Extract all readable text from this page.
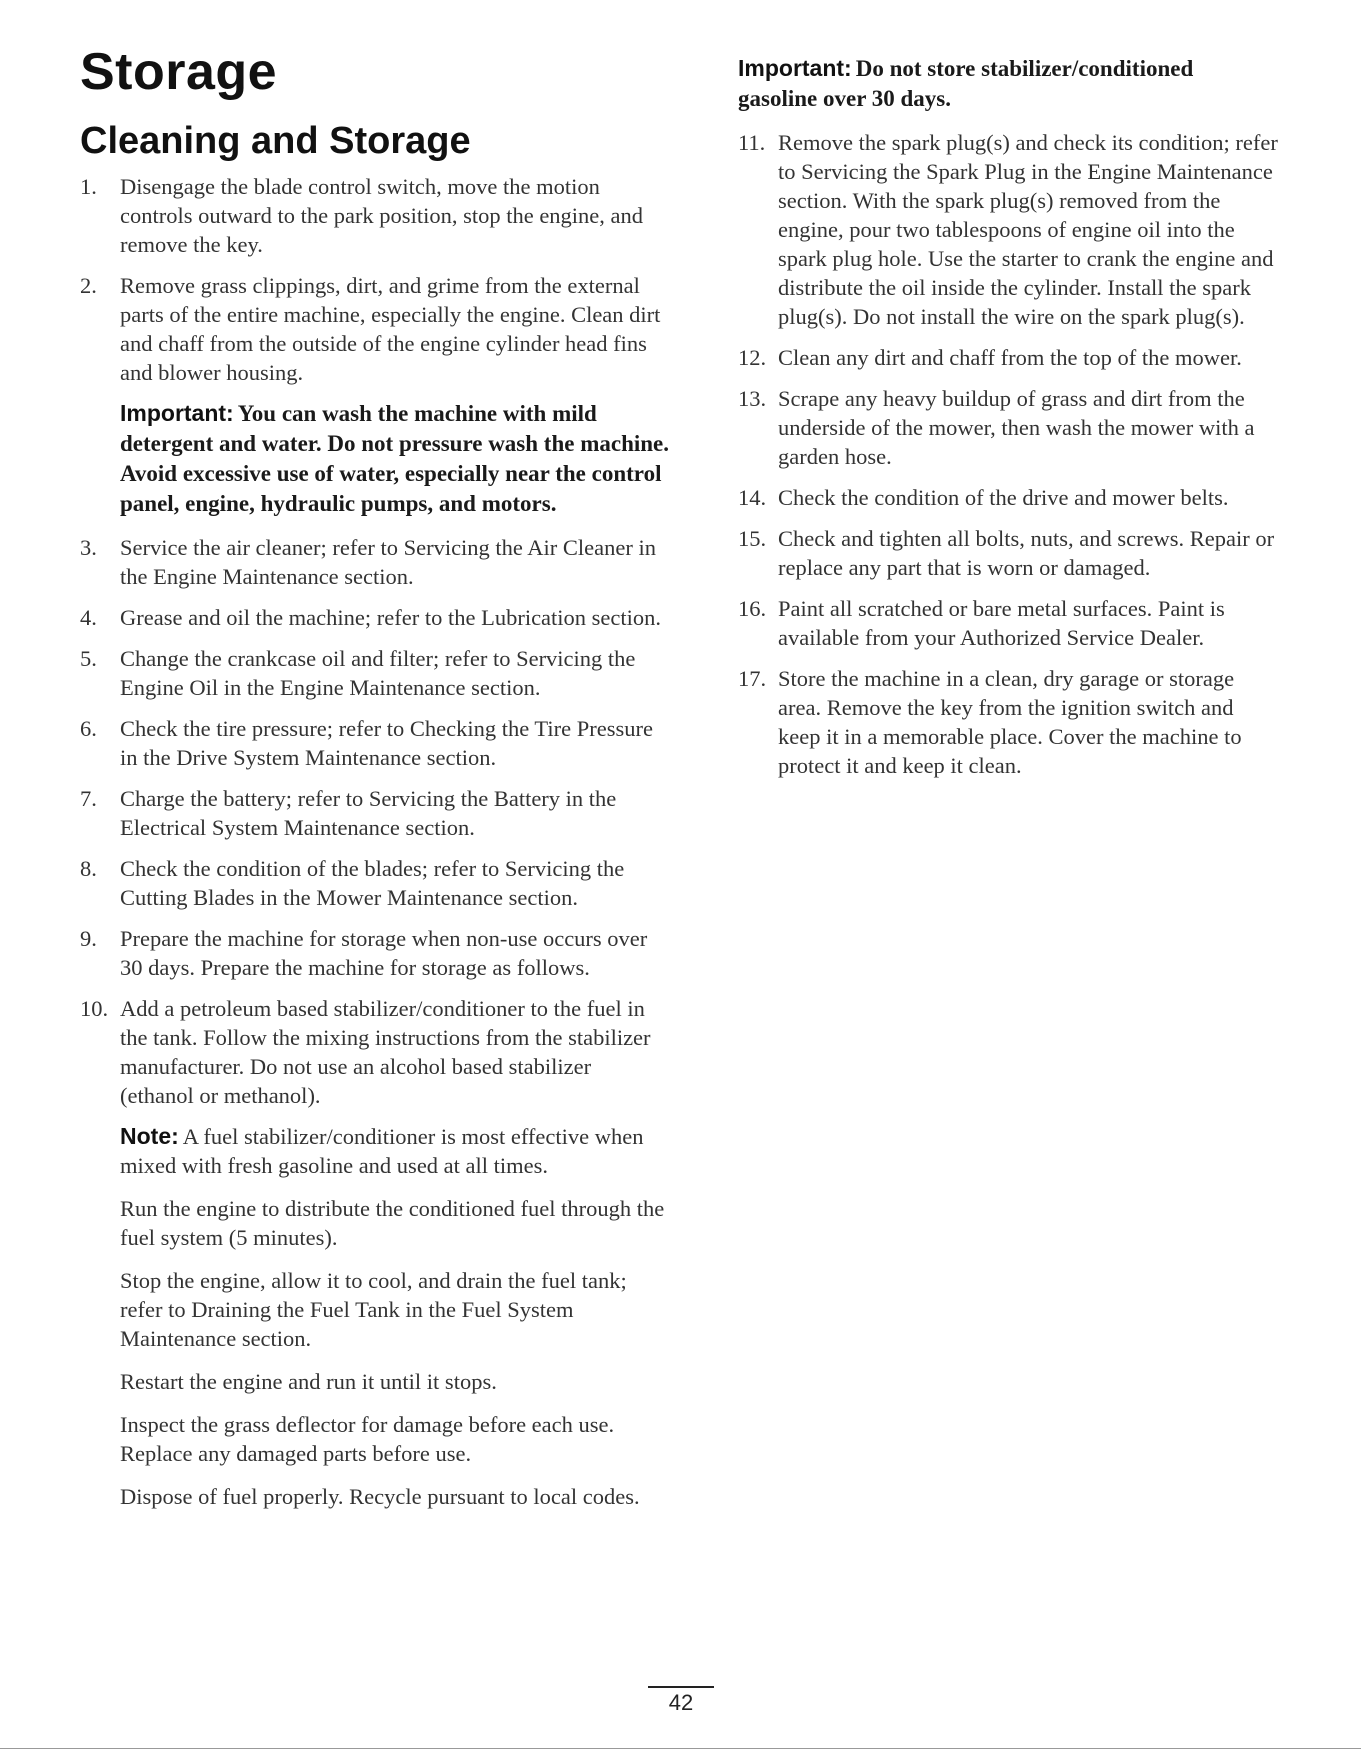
Storage
Cleaning and Storage
1.	Disengage the blade control switch, move the motion controls outward to the park position, stop the engine, and remove the key.

2.	Remove grass clippings, dirt, and grime from the external parts of the entire machine, especially the engine. Clean dirt and chaff from the outside of the engine cylinder head fins and blower housing.

Important: You can wash the machine with mild detergent and water. Do not pressure wash the machine. Avoid excessive use of water, especially near the control panel, engine, hydraulic pumps, and motors.
3.	Service the air cleaner; refer to Servicing the Air Cleaner in the Engine Maintenance section.

4.	Grease and oil the machine; refer to the Lubrication section.

5.	Change the crankcase oil and filter; refer to Servicing the Engine Oil in the Engine Maintenance section.

6.	Check the tire pressure; refer to Checking the Tire Pressure in the Drive System Maintenance section.

7.	Charge the battery; refer to Servicing the Battery in the Electrical System Maintenance section.

8.	Check the condition of the blades; refer to Servicing the Cutting Blades in the Mower Maintenance section.

9.	Prepare the machine for storage when non-use occurs over 30 days. Prepare the machine for storage as follows.

10. Add a petroleum based stabilizer/conditioner to the fuel in the tank. Follow the mixing instructions from the stabilizer manufacturer. Do not use an alcohol based stabilizer (ethanol or methanol).

Note: A fuel stabilizer/conditioner is most effective when mixed with fresh gasoline and used at all times.

Run the engine to distribute the conditioned fuel through the fuel system (5 minutes).

Stop the engine, allow it to cool, and drain the fuel tank; refer to Draining the Fuel Tank in the Fuel System Maintenance section.

Restart the engine and run it until it stops.

Inspect the grass deflector for damage before each use. Replace any damaged parts before use.

Dispose of fuel properly. Recycle pursuant to local codes.

Important: Do not store stabilizer/conditioned gasoline over 30 days.
11. Remove the spark plug(s) and check its condition; refer to Servicing the Spark Plug in the Engine Maintenance section. With the spark plug(s) removed from the engine, pour two tablespoons of engine oil into the spark plug hole. Use the starter to crank the engine and distribute the oil inside the cylinder. Install the spark plug(s). Do not install the wire on the spark plug(s).

12. Clean any dirt and chaff from the top of the mower.

13. Scrape any heavy buildup of grass and dirt from the underside of the mower, then wash the mower with a garden hose.

14. Check the condition of the drive and mower belts.

15. Check and tighten all bolts, nuts, and screws. Repair or replace any part that is worn or damaged.

16. Paint all scratched or bare metal surfaces. Paint is available from your Authorized Service Dealer.

17. Store the machine in a clean, dry garage or storage area. Remove the key from the ignition switch and keep it in a memorable place. Cover the machine to protect it and keep it clean.

42
